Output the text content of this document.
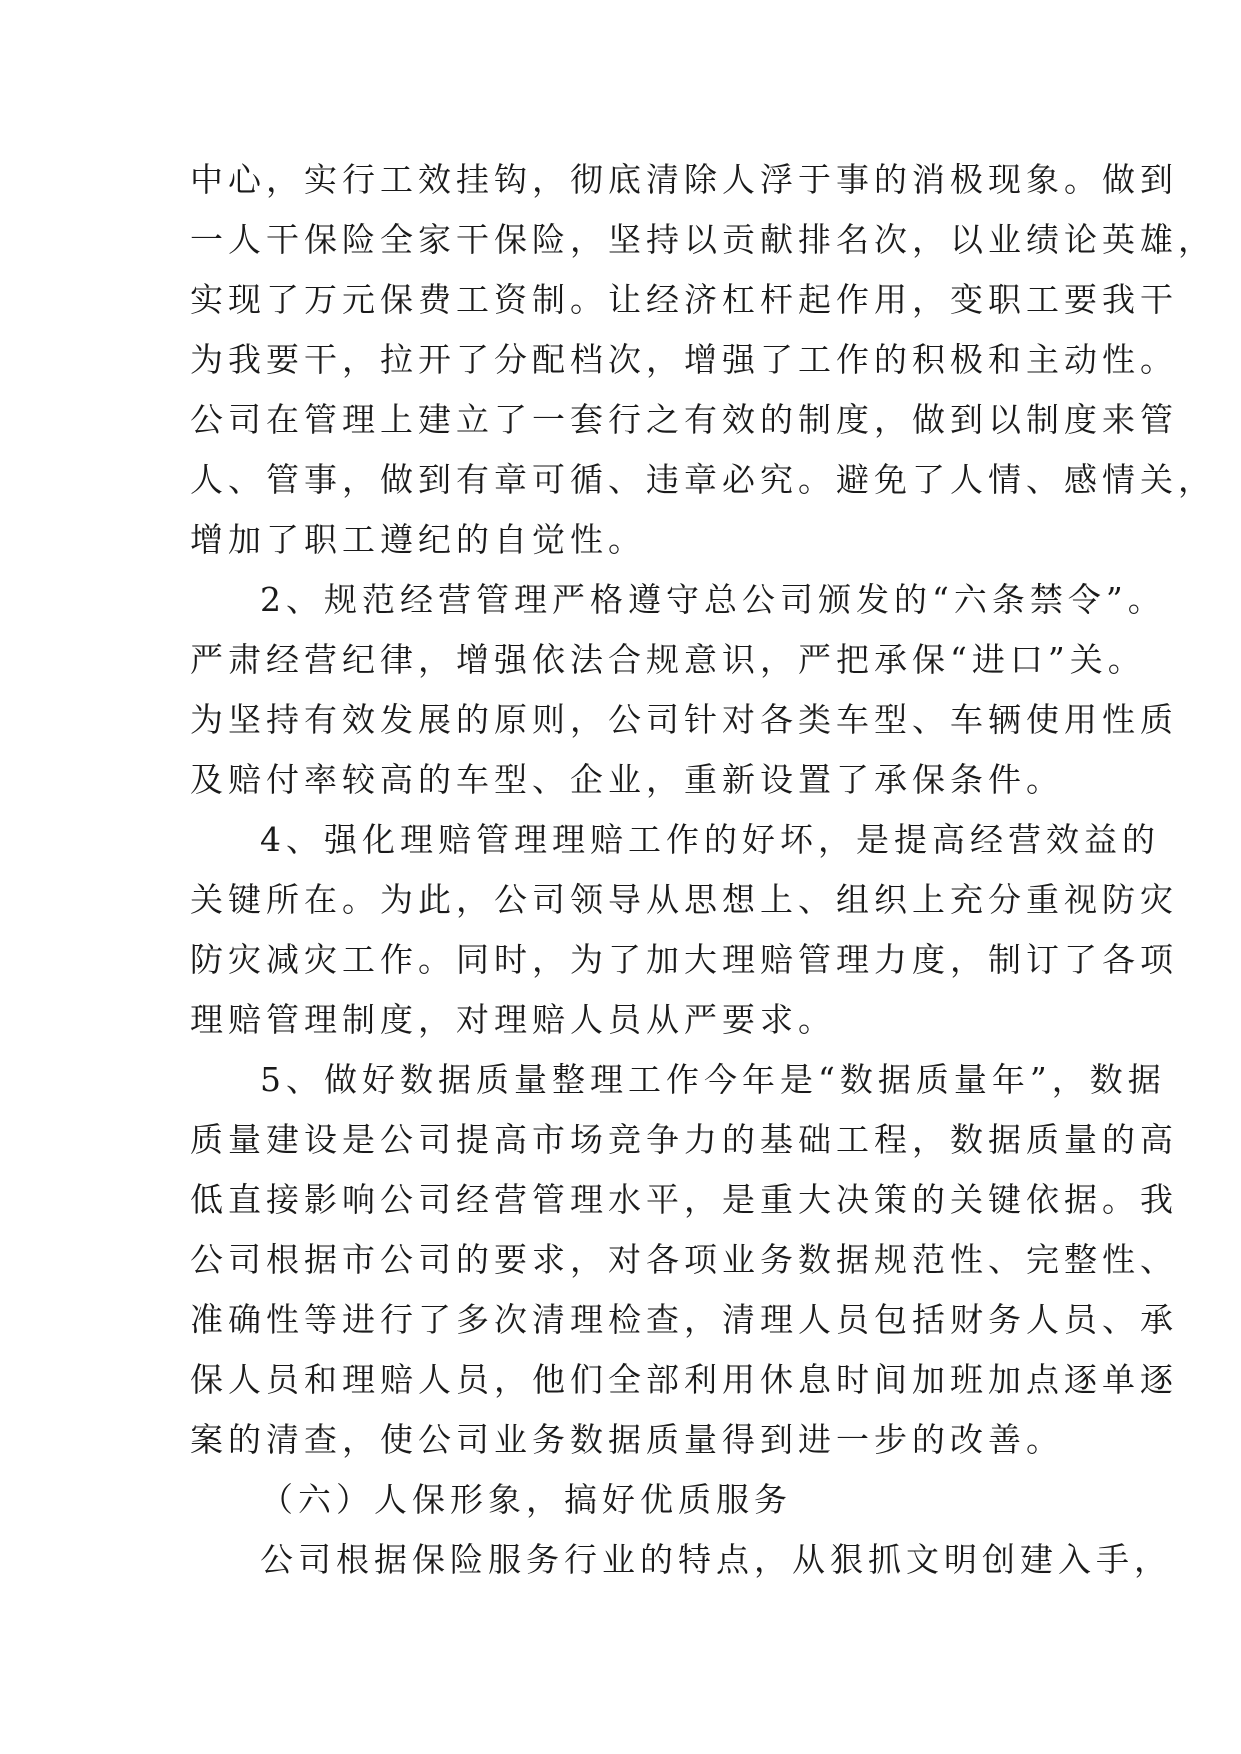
中心，实行工效挂钩，彻底清除人浮于事的消极现象。做到
一人干保险全家干保险，坚持以贡献排名次，以业绩论英雄，
实现了万元保费工资制。让经济杠杆起作用，变职工要我干
为我要干，拉开了分配档次，增强了工作的积极和主动性。
公司在管理上建立了一套行之有效的制度，做到以制度来管
人、管事，做到有章可循、违章必究。避免了人情、感情关，
增加了职工遵纪的自觉性。
2、规范经营管理严格遵守总公司颁发的“六条禁令”。
严肃经营纪律，增强依法合规意识，严把承保“进口”关。
为坚持有效发展的原则，公司针对各类车型、车辆使用性质
及赔付率较高的车型、企业，重新设置了承保条件。
4、强化理赔管理理赔工作的好坏，是提高经营效益的
关键所在。为此，公司领导从思想上、组织上充分重视防灾
防灾减灾工作。同时，为了加大理赔管理力度，制订了各项
理赔管理制度，对理赔人员从严要求。
5、做好数据质量整理工作今年是“数据质量年”，数据
质量建设是公司提高市场竞争力的基础工程，数据质量的高
低直接影响公司经营管理水平，是重大决策的关键依据。我
公司根据市公司的要求，对各项业务数据规范性、完整性、
准确性等进行了多次清理检查，清理人员包括财务人员、承
保人员和理赔人员，他们全部利用休息时间加班加点逐单逐
案的清查，使公司业务数据质量得到进一步的改善。
（六）人保形象，搞好优质服务
公司根据保险服务行业的特点，从狠抓文明创建入手，
